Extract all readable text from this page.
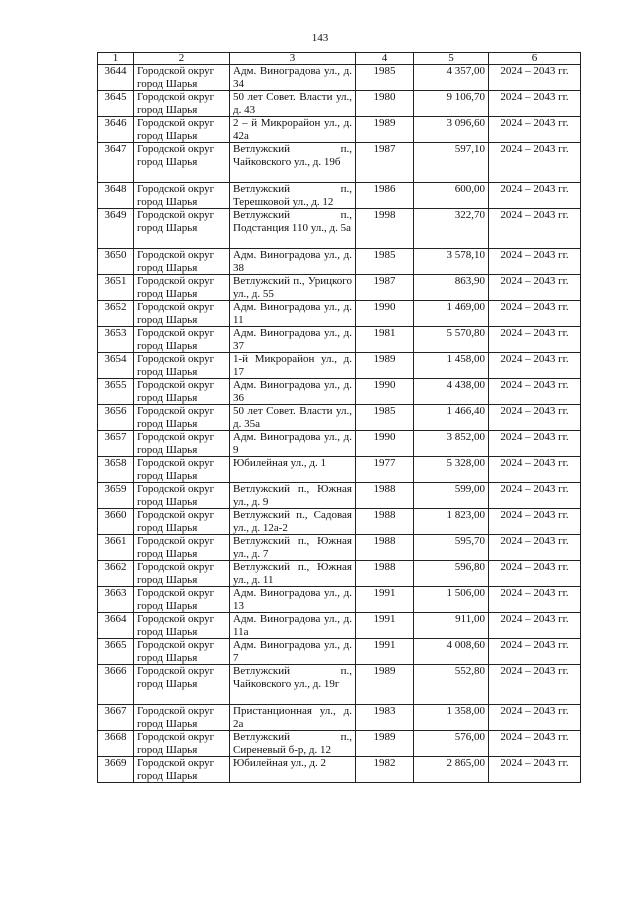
143
1	2	3	4	5	6
3644	Городской округ город Шарья	Адм. Виноградова ул., д. 34	1985	4 357,00	2024 – 2043 гг.
3645	Городской округ город Шарья	50 лет Совет. Власти ул., д. 43	1980	9 106,70	2024 – 2043 гг.
3646	Городской округ город Шарья	2 – й Микрорайон ул., д. 42а	1989	3 096,60	2024 – 2043 гг.
3647	Городской округ город Шарья	Ветлужский п., Чайковского ул., д. 19б	1987	597,10	2024 – 2043 гг.
3648	Городской округ город Шарья	Ветлужский п., Терешковой ул., д. 12	1986	600,00	2024 – 2043 гг.
3649	Городской округ город Шарья	Ветлужский п., Подстанция 110 ул., д. 5а	1998	322,70	2024 – 2043 гг.
3650	Городской округ город Шарья	Адм. Виноградова ул., д. 38	1985	3 578,10	2024 – 2043 гг.
3651	Городской округ город Шарья	Ветлужский п., Урицкого ул., д. 55	1987	863,90	2024 – 2043 гг.
3652	Городской округ город Шарья	Адм. Виноградова ул., д. 11	1990	1 469,00	2024 – 2043 гг.
3653	Городской округ город Шарья	Адм. Виноградова ул., д. 37	1981	5 570,80	2024 – 2043 гг.
3654	Городской округ город Шарья	1-й Микрорайон ул., д. 17	1989	1 458,00	2024 – 2043 гг.
3655	Городской округ город Шарья	Адм. Виноградова ул., д. 36	1990	4 438,00	2024 – 2043 гг.
3656	Городской округ город Шарья	50 лет Совет. Власти ул., д. 35а	1985	1 466,40	2024 – 2043 гг.
3657	Городской округ город Шарья	Адм. Виноградова ул., д. 9	1990	3 852,00	2024 – 2043 гг.
3658	Городской округ город Шарья	Юбилейная ул., д. 1	1977	5 328,00	2024 – 2043 гг.
3659	Городской округ город Шарья	Ветлужский п., Южная ул., д. 9	1988	599,00	2024 – 2043 гг.
3660	Городской округ город Шарья	Ветлужский п., Садовая ул., д. 12а-2	1988	1 823,00	2024 – 2043 гг.
3661	Городской округ город Шарья	Ветлужский п., Южная ул., д. 7	1988	595,70	2024 – 2043 гг.
3662	Городской округ город Шарья	Ветлужский п., Южная ул., д. 11	1988	596,80	2024 – 2043 гг.
3663	Городской округ город Шарья	Адм. Виноградова ул., д. 13	1991	1 506,00	2024 – 2043 гг.
3664	Городской округ город Шарья	Адм. Виноградова ул., д. 11а	1991	911,00	2024 – 2043 гг.
3665	Городской округ город Шарья	Адм. Виноградова ул., д. 7	1991	4 008,60	2024 – 2043 гг.
3666	Городской округ город Шарья	Ветлужский п., Чайковского ул., д. 19г	1989	552,80	2024 – 2043 гг.
3667	Городской округ город Шарья	Пристанционная ул., д. 2а	1983	1 358,00	2024 – 2043 гг.
3668	Городской округ город Шарья	Ветлужский п., Сиреневый б-р, д. 12	1989	576,00	2024 – 2043 гг.
3669	Городской округ город Шарья	Юбилейная ул., д. 2	1982	2 865,00	2024 – 2043 гг.
